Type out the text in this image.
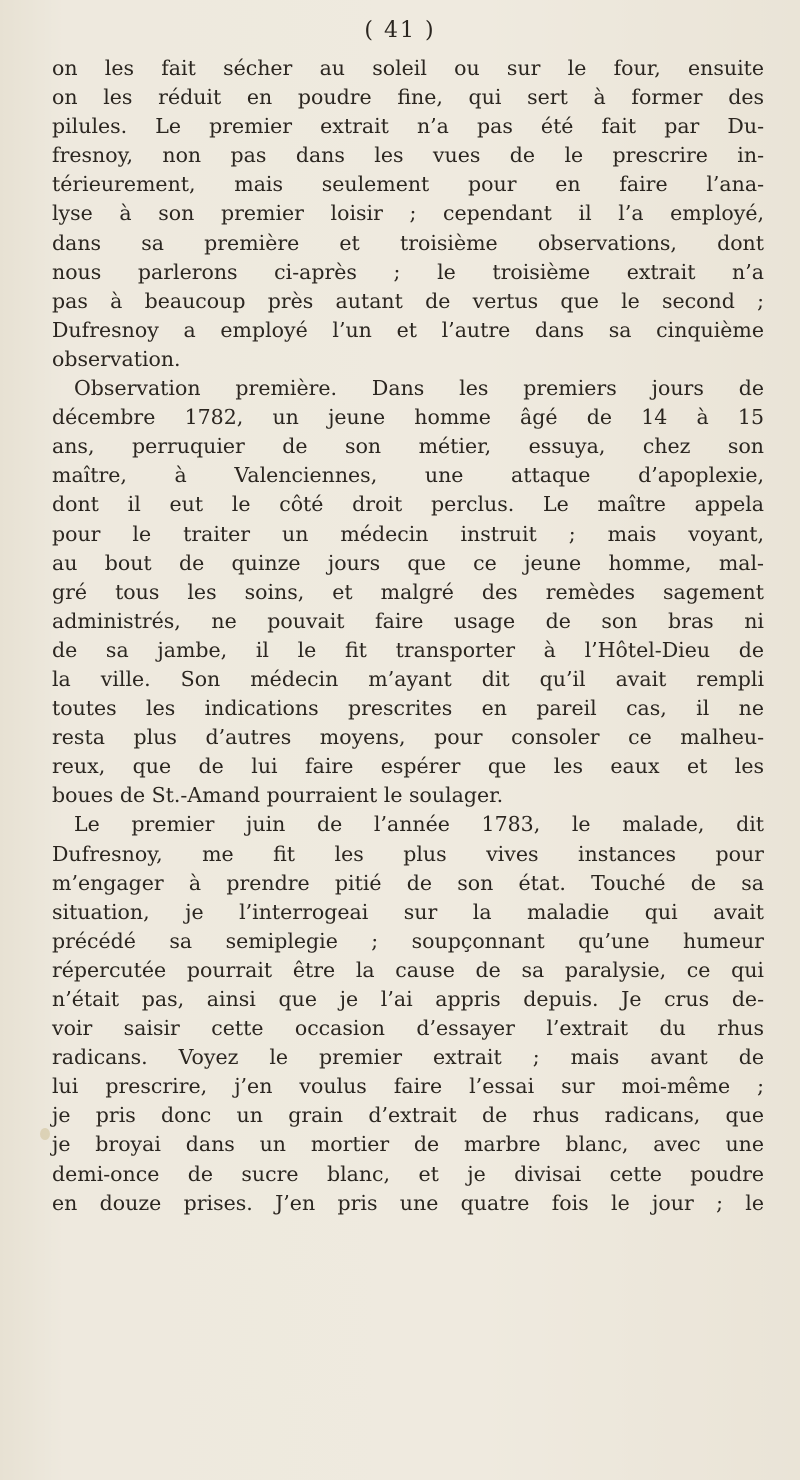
( 41 )
on les fait sécher au soleil ou sur le four, ensuite
on les réduit en poudre fine, qui sert à former des
pilules. Le premier extrait n’a pas été fait par Du-
fresnoy, non pas dans les vues de le prescrire in-
térieurement, mais seulement pour en faire l’ana-
lyse à son premier loisir ; cependant il l’a employé,
dans sa première et troisième observations, dont
nous parlerons ci-après ; le troisième extrait n’a
pas à beaucoup près autant de vertus que le second ;
Dufresnoy a employé l’un et l’autre dans sa cinquième
observation.
Observation première. Dans les premiers jours de
décembre 1782, un jeune homme âgé de 14 à 15
ans, perruquier de son métier, essuya, chez son
maître, à Valenciennes, une attaque d’apoplexie,
dont il eut le côté droit perclus. Le maître appela
pour le traiter un médecin instruit ; mais voyant,
au bout de quinze jours que ce jeune homme, mal-
gré tous les soins, et malgré des remèdes sagement
administrés, ne pouvait faire usage de son bras ni
de sa jambe, il le fit transporter à l’Hôtel-Dieu de
la ville. Son médecin m’ayant dit qu’il avait rempli
toutes les indications prescrites en pareil cas, il ne
resta plus d’autres moyens, pour consoler ce malheu-
reux, que de lui faire espérer que les eaux et les
boues de St.-Amand pourraient le soulager.
Le premier juin de l’année 1783, le malade, dit
Dufresnoy, me fit les plus vives instances pour
m’engager à prendre pitié de son état. Touché de sa
situation, je l’interrogeai sur la maladie qui avait
précédé sa semiplegie ; soupçonnant qu’une humeur
répercutée pourrait être la cause de sa paralysie, ce qui
n’était pas, ainsi que je l’ai appris depuis. Je crus de-
voir saisir cette occasion d’essayer l’extrait du rhus
radicans. Voyez le premier extrait ; mais avant de
lui prescrire, j’en voulus faire l’essai sur moi-même ;
je pris donc un grain d’extrait de rhus radicans, que
je broyai dans un mortier de marbre blanc, avec une
demi-once de sucre blanc, et je divisai cette poudre
en douze prises. J’en pris une quatre fois le jour ; le
